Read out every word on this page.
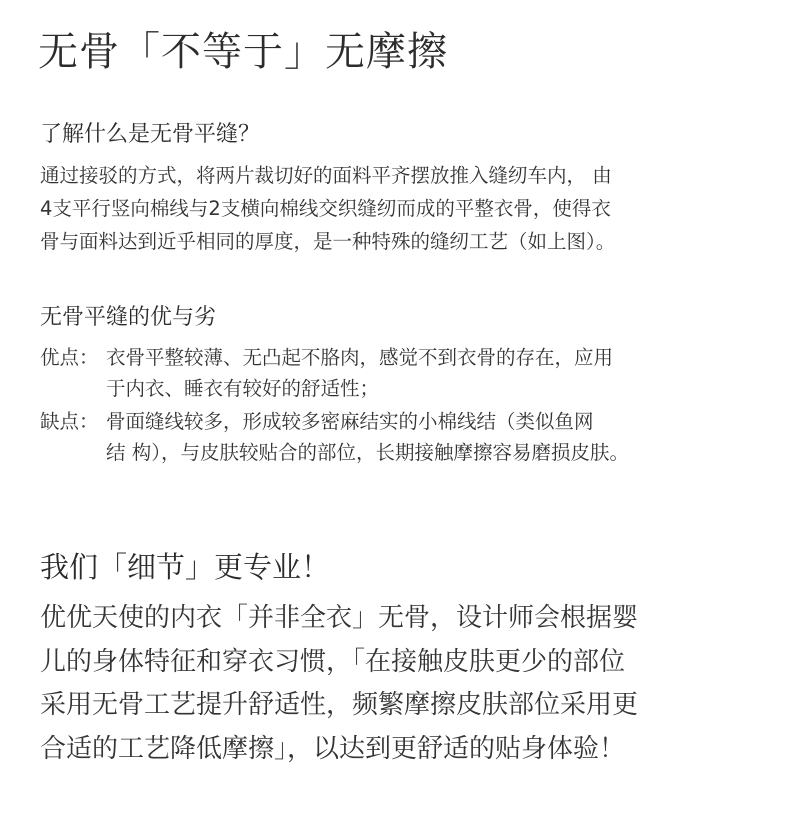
无骨「不等于」无摩擦
了解什么是无骨平缝？
通过接驳的方式，将两片裁切好的面料平齐摆放推入缝纫车内， 由
4支平行竖向棉线与2支横向棉线交织缝纫而成的平整衣骨，使得衣
骨与面料达到近乎相同的厚度，是一种特殊的缝纫工艺（如上图）。
无骨平缝的优与劣
优点： 衣骨平整较薄、无凸起不胳肉，感觉不到衣骨的存在，应用
于内衣、睡衣有较好的舒适性；
缺点： 骨面缝线较多，形成较多密麻结实的小棉线结（类似鱼网
结 构），与皮肤较贴合的部位，长期接触摩擦容易磨损皮肤。
我们「细节」更专业！
优优天使的内衣「并非全衣」无骨，设计师会根据婴
儿的身体特征和穿衣习惯，「在接触皮肤更少的部位
采用无骨工艺提升舒适性，频繁摩擦皮肤部位采用更
合适的工艺降低摩擦」，以达到更舒适的贴身体验！
